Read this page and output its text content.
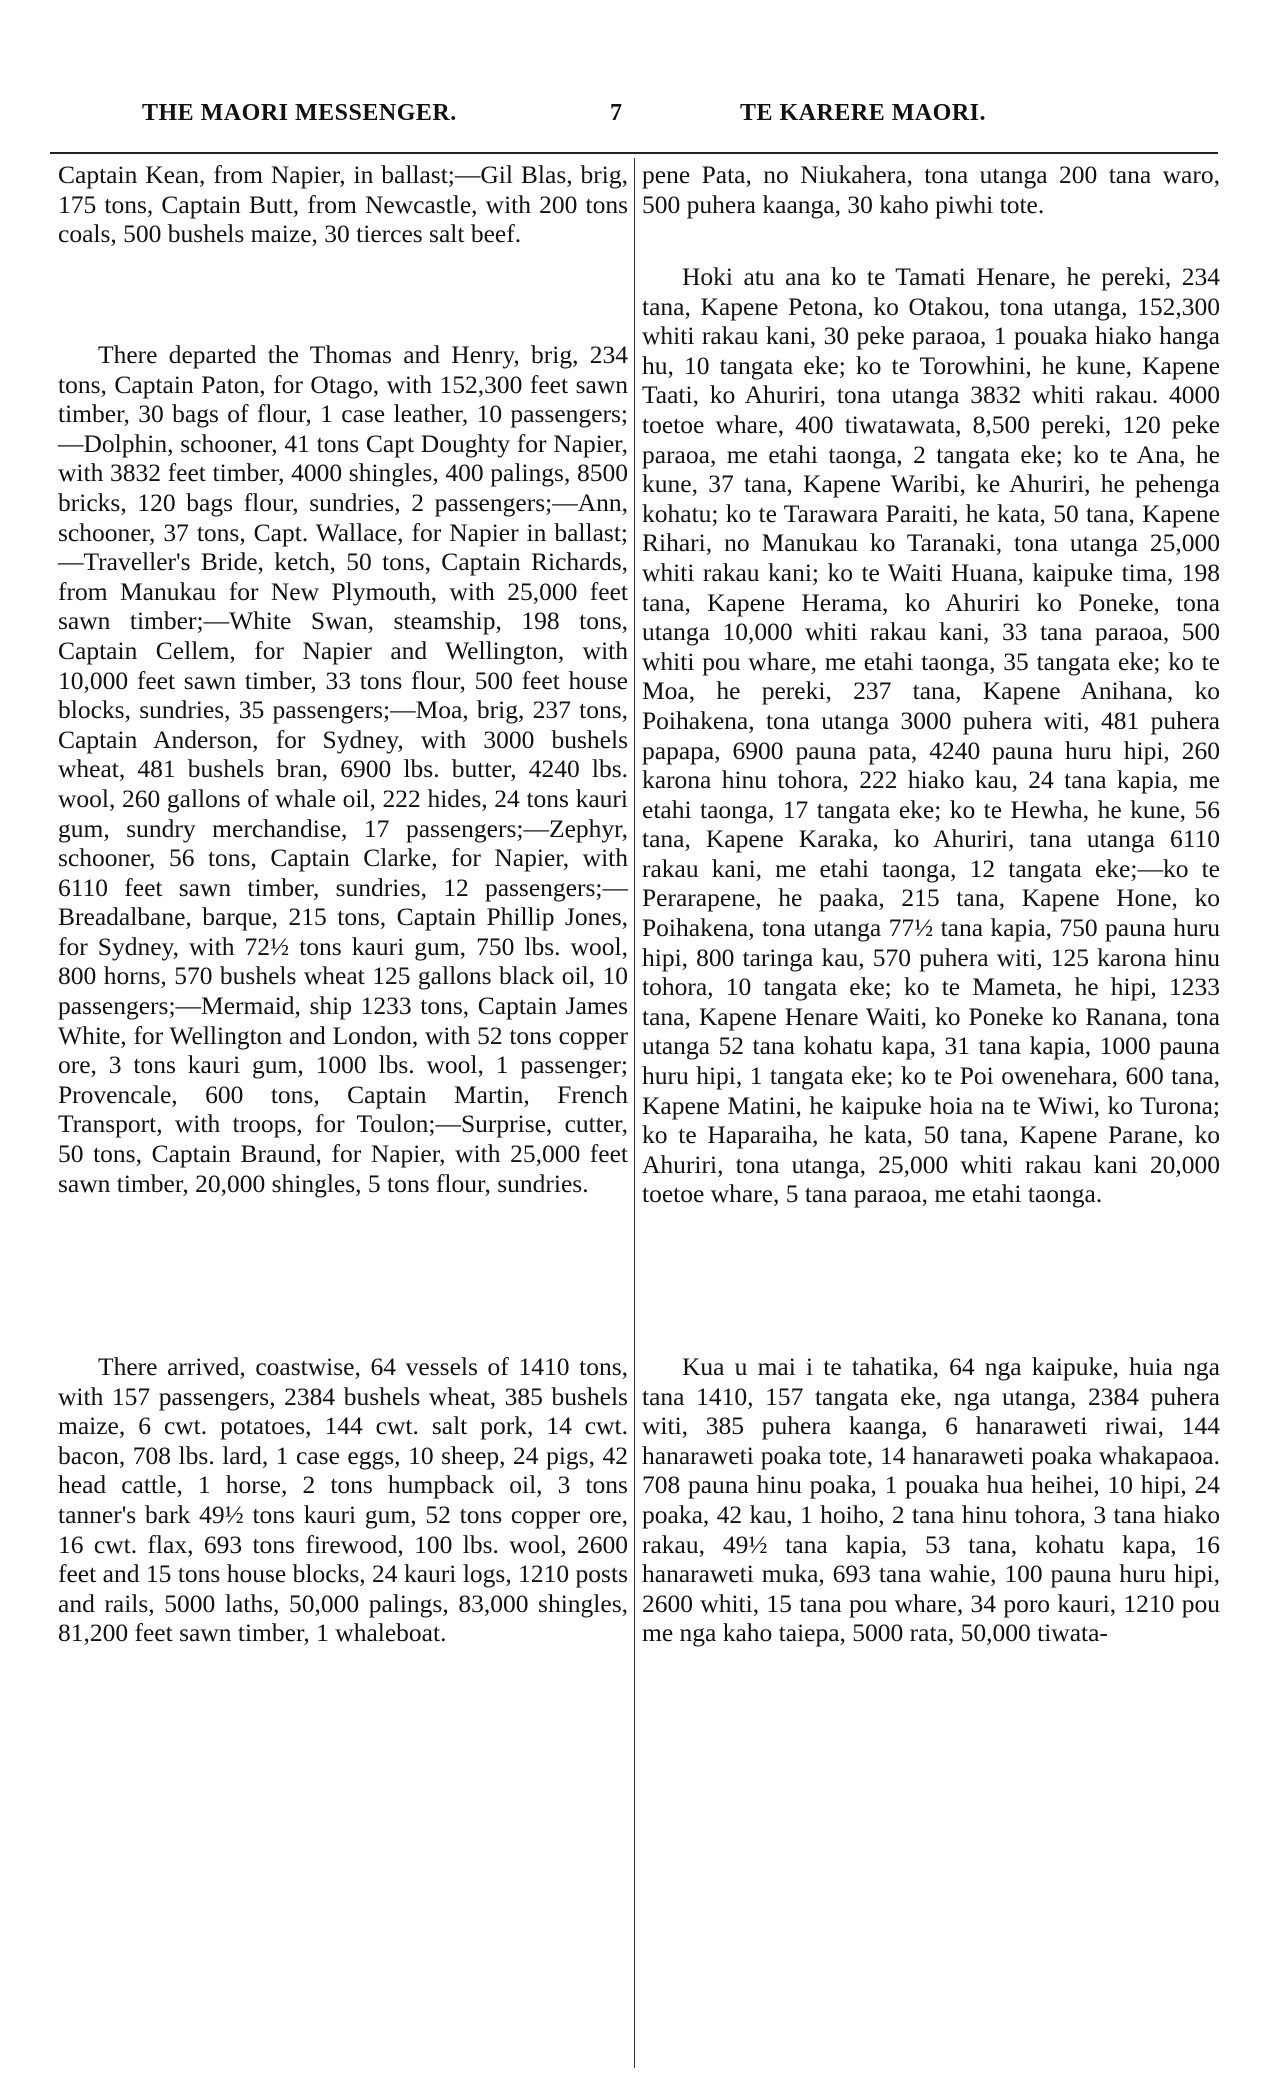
THE MAORI MESSENGER.	7	TE KARERE MAORI.

Captain Kean, from Napier, in ballast;—Gil Blas, brig, 175 tons, Captain Butt, from Newcastle, with 200 tons coals, 500 bushels maize, 30 tierces salt beef.

There departed the Thomas and Henry, brig, 234 tons, Captain Paton, for Otago, with 152,300 feet sawn timber, 30 bags of flour, 1 case leather, 10 passengers;—Dolphin, schooner, 41 tons Capt Doughty for Napier, with 3832 feet timber, 4000 shingles, 400 palings, 8500 bricks, 120 bags flour, sundries, 2 passengers;—Ann, schooner, 37 tons, Capt. Wallace, for Napier in ballast;—Traveller's Bride, ketch, 50 tons, Captain Richards, from Manukau for New Plymouth, with 25,000 feet sawn timber;—White Swan, steamship, 198 tons, Captain Cellem, for Napier and Wellington, with 10,000 feet sawn timber, 33 tons flour, 500 feet house blocks, sundries, 35 passengers;—Moa, brig, 237 tons, Captain Anderson, for Sydney, with 3000 bushels wheat, 481 bushels bran, 6900 lbs. butter, 4240 lbs. wool, 260 gallons of whale oil, 222 hides, 24 tons kauri gum, sundry merchandise, 17 passengers;—Zephyr, schooner, 56 tons, Captain Clarke, for Napier, with 6110 feet sawn timber, sundries, 12 passengers;—Breadalbane, barque, 215 tons, Captain Phillip Jones, for Sydney, with 72½ tons kauri gum, 750 lbs. wool, 800 horns, 570 bushels wheat 125 gallons black oil, 10 passengers;—Mermaid, ship 1233 tons, Captain James White, for Wellington and London, with 52 tons copper ore, 3 tons kauri gum, 1000 lbs. wool, 1 passenger; Provencale, 600 tons, Captain Martin, French Transport, with troops, for Toulon;—Surprise, cutter, 50 tons, Captain Braund, for Napier, with 25,000 feet sawn timber, 20,000 shingles, 5 tons flour, sundries.

There arrived, coastwise, 64 vessels of 1410 tons, with 157 passengers, 2384 bushels wheat, 385 bushels maize, 6 cwt. potatoes, 144 cwt. salt pork, 14 cwt. bacon, 708 lbs. lard, 1 case eggs, 10 sheep, 24 pigs, 42 head cattle, 1 horse, 2 tons humpback oil, 3 tons tanner's bark 49½ tons kauri gum, 52 tons copper ore, 16 cwt. flax, 693 tons firewood, 100 lbs. wool, 2600 feet and 15 tons house blocks, 24 kauri logs, 1210 posts and rails, 5000 laths, 50,000 palings, 83,000 shingles, 81,200 feet sawn timber, 1 whaleboat.

pene Pata, no Niukahera, tona utanga 200 tana waro, 500 puhera kaanga, 30 kaho piwhi tote.

Hoki atu ana ko te Tamati Henare, he pereki, 234 tana, Kapene Petona, ko Otakou, tona utanga, 152,300 whiti rakau kani, 30 peke paraoa, 1 pouaka hiako hanga hu, 10 tangata eke; ko te Torowhini, he kune, Kapene Taati, ko Ahuriri, tona utanga 3832 whiti rakau. 4000 toetoe whare, 400 tiwatawata, 8,500 pereki, 120 peke paraoa, me etahi taonga, 2 tangata eke; ko te Ana, he kune, 37 tana, Kapene Waribi, ke Ahuriri, he pehenga kohatu; ko te Tarawara Paraiti, he kata, 50 tana, Kapene Rihari, no Manukau ko Taranaki, tona utanga 25,000 whiti rakau kani; ko te Waiti Huana, kaipuke tima, 198 tana, Kapene Herama, ko Ahuriri ko Poneke, tona utanga 10,000 whiti rakau kani, 33 tana paraoa, 500 whiti pou whare, me etahi taonga, 35 tangata eke; ko te Moa, he pereki, 237 tana, Kapene Anihana, ko Poihakena, tona utanga 3000 puhera witi, 481 puhera papapa, 6900 pauna pata, 4240 pauna huru hipi, 260 karona hinu tohora, 222 hiako kau, 24 tana kapia, me etahi taonga, 17 tangata eke; ko te Hewha, he kune, 56 tana, Kapene Karaka, ko Ahuriri, tana utanga 6110 rakau kani, me etahi taonga, 12 tangata eke;—ko te Perarapene, he paaka, 215 tana, Kapene Hone, ko Poihakena, tona utanga 77½ tana kapia, 750 pauna huru hipi, 800 taringa kau, 570 puhera witi, 125 karona hinu tohora, 10 tangata eke; ko te Mameta, he hipi, 1233 tana, Kapene Henare Waiti, ko Poneke ko Ranana, tona utanga 52 tana kohatu kapa, 31 tana kapia, 1000 pauna huru hipi, 1 tangata eke; ko te Poi owenehara, 600 tana, Kapene Matini, he kaipuke hoia na te Wiwi, ko Turona; ko te Haparaiha, he kata, 50 tana, Kapene Parane, ko Ahuriri, tona utanga, 25,000 whiti rakau kani 20,000 toetoe whare, 5 tana paraoa, me etahi taonga.

Kua u mai i te tahatika, 64 nga kaipuke, huia nga tana 1410, 157 tangata eke, nga utanga, 2384 puhera witi, 385 puhera kaanga, 6 hanaraweti riwai, 144 hanaraweti poaka tote, 14 hanaraweti poaka whakapaoa. 708 pauna hinu poaka, 1 pouaka hua heihei, 10 hipi, 24 poaka, 42 kau, 1 hoiho, 2 tana hinu tohora, 3 tana hiako rakau, 49½ tana kapia, 53 tana, kohatu kapa, 16 hanaraweti muka, 693 tana wahie, 100 pauna huru hipi, 2600 whiti, 15 tana pou whare, 34 poro kauri, 1210 pou me nga kaho taiepa, 5000 rata, 50,000 tiwata-
